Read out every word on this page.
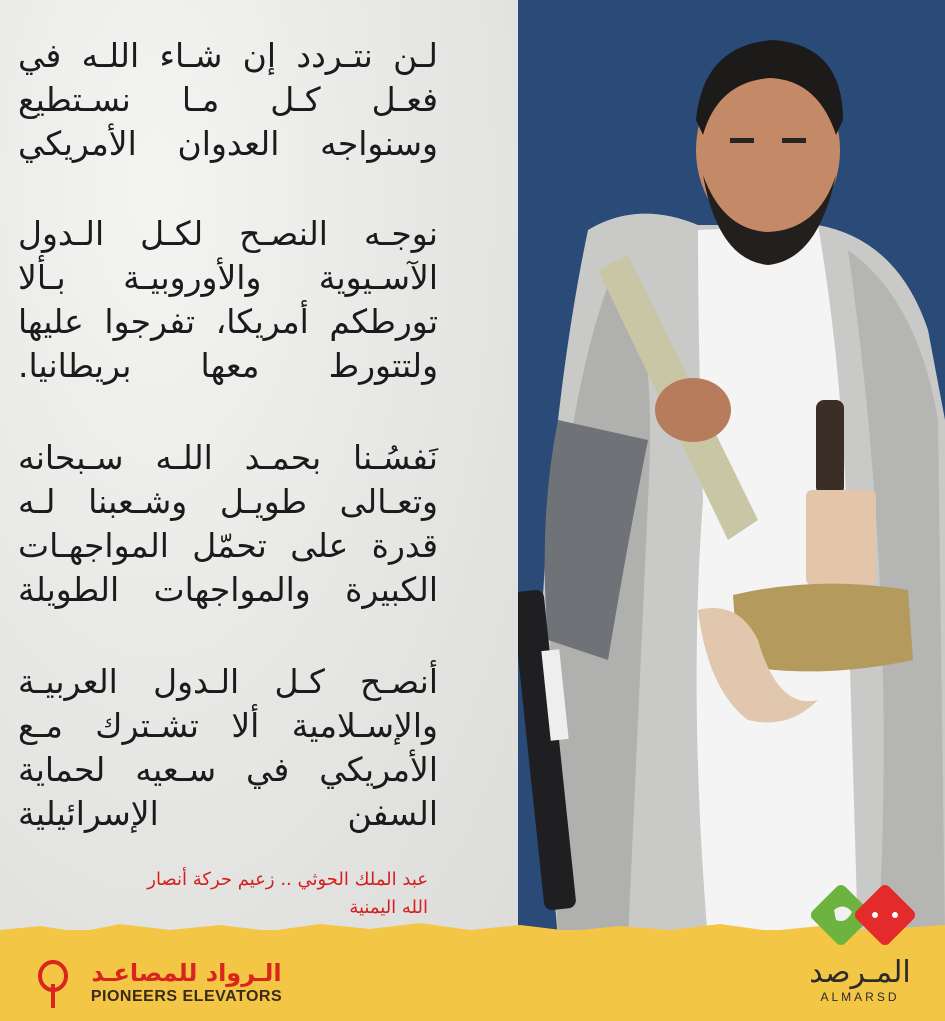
لـن نتـردد إن شـاء اللـه في
فعـل كـل مـا نسـتطيع
وسنواجه العدوان الأمريكي
نوجـه النصـح لكـل الـدول
الآسـيوية والأوروبيـة بـألا
تورطكم أمريكا، تفرجوا عليها
ولتتورط معها بريطانيا.
نَفسُـنا بحمـد اللـه سـبحانه
وتعـالى طويـل وشـعبنا لـه
قدرة على تحمّل المواجهـات
الكبيرة والمواجهات الطويلة
أنصـح كـل الـدول العربيـة
والإسـلامية ألا تشـترك مـع
الأمريكي في سـعيه لحماية
السفن الإسرائيلية
عبد الملك الحوثي .. زعيم حركة أنصار
الله اليمنية
الـرواد للمصاعـد
PIONEERS ELEVATORS
المـرصد
ALMARSD
